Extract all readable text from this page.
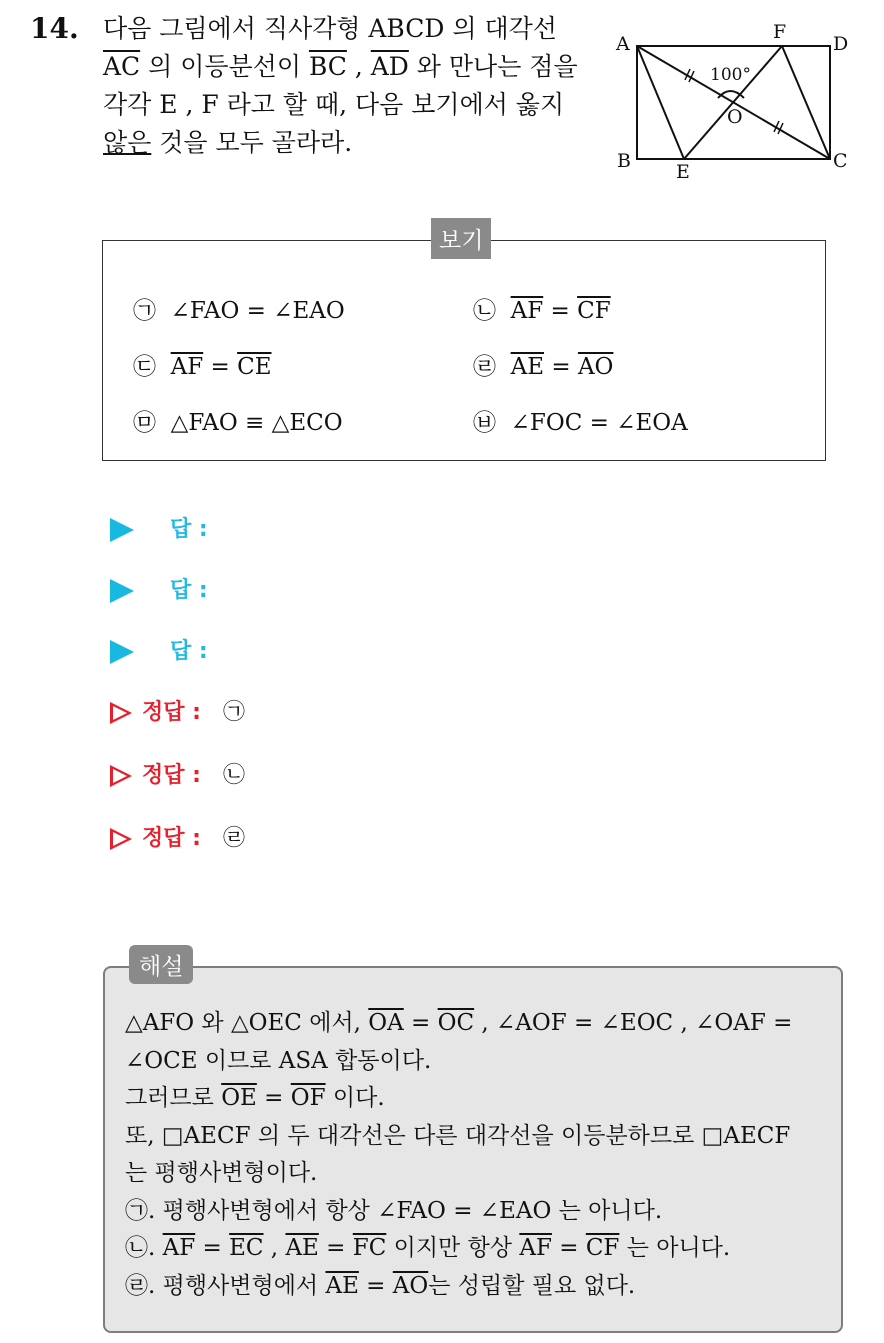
14. 다음 그림에서 직사각형 ABCD 의 대각선
$\overline{AC}$ 의 이등분선이 $\overline{BC}$ , $\overline{AD}$ 와 만나는 점을
각각 E , F 라고 할 때, 다음 보기에서 옳지
않은 것을 모두 골라라.
A
B	C
D
E
F
O
100°
㉠ ∠FAO = ∠EAO	㉡ $\overline{AF} = \overline{CF}$
㉢ $\overline{AF} = \overline{CE}$	㉣ $\overline{AE} = \overline{AO}$
㉤ △FAO ≡ △ECO	㉥ ∠FOC = ∠EOA
보기
답 :
답 :
답 :
정답 : ㉠
정답 : ㉡
정답 : ㉣
해설
△AFO 와 △OEC 에서, $\overline{OA} = \overline{OC}$ , ∠AOF = ∠EOC , ∠OAF =
∠OCE 이므로 ASA 합동이다.
그러므로 $\overline{OE} = \overline{OF}$ 이다.
또, □AECF 의 두 대각선은 다른 대각선을 이등분하므로 □AECF
는 평행사변형이다.
㉠. 평행사변형에서 항상 ∠FAO = ∠EAO 는 아니다.
㉡. $\overline{AF} = \overline{EC}$ , $\overline{AE} = \overline{FC}$ 이지만 항상 $\overline{AF} = \overline{CF}$ 는 아니다.
㉣. 평행사변형에서 $\overline{AE} = \overline{AO}$는 성립할 필요 없다.
